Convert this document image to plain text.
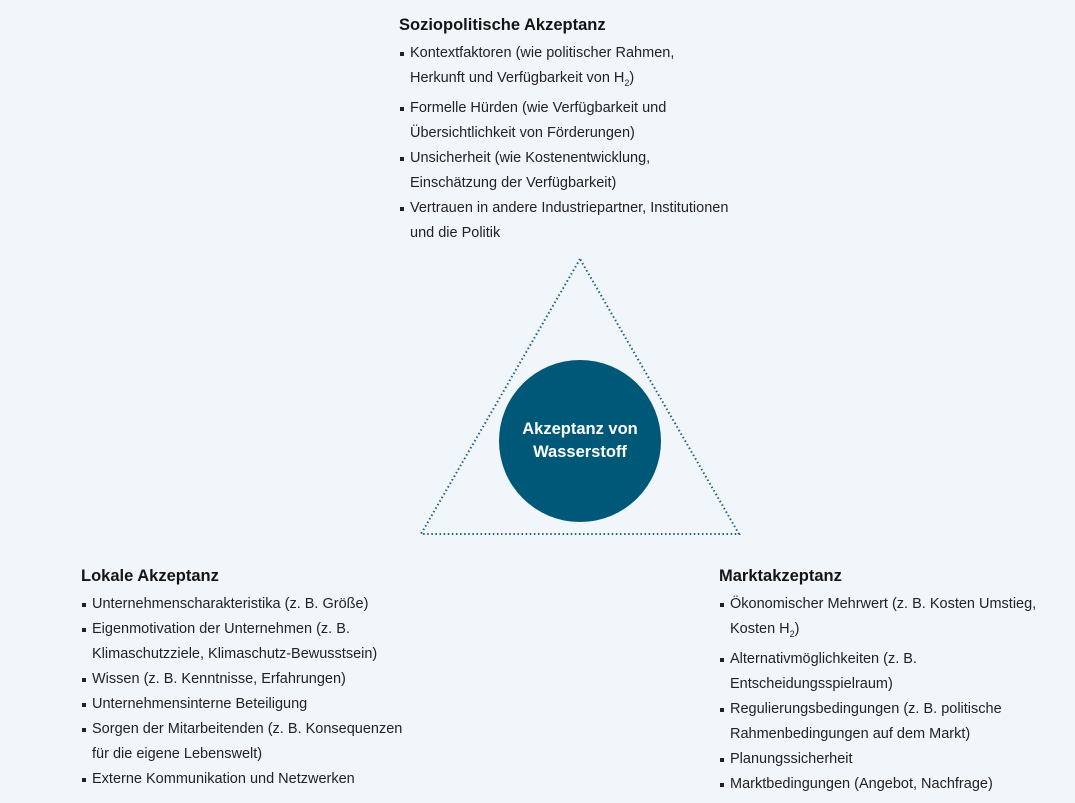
Akzeptanz von
Wasserstoff
Soziopolitische Akzeptanz
Kontextfaktoren (wie politischer Rahmen,
Herkunft und Verfügbarkeit von $H_2$)
Formelle Hürden (wie Verfügbarkeit und
Übersichtlichkeit von Förderungen)
Unsicherheit (wie Kostenentwicklung,
Einschätzung der Verfügbarkeit)
Vertrauen in andere Industriepartner, Institutionen
und die Politik
Lokale Akzeptanz
Unternehmenscharakteristika (z. B. Größe)
Eigenmotivation der Unternehmen (z. B.
Klimaschutzziele, Klimaschutz-Bewusstsein)
Wissen (z. B. Kenntnisse, Erfahrungen)
Unternehmensinterne Beteiligung
Sorgen der Mitarbeitenden (z. B. Konsequenzen
für die eigene Lebenswelt)
Externe Kommunikation und Netzwerken
Marktakzeptanz
Ökonomischer Mehrwert (z. B. Kosten Umstieg,
Kosten $H_2$)
Alternativmöglichkeiten (z. B.
Entscheidungsspielraum)
Regulierungsbedingungen (z. B. politische
Rahmenbedingungen auf dem Markt)
Planungssicherheit
Marktbedingungen (Angebot, Nachfrage)
